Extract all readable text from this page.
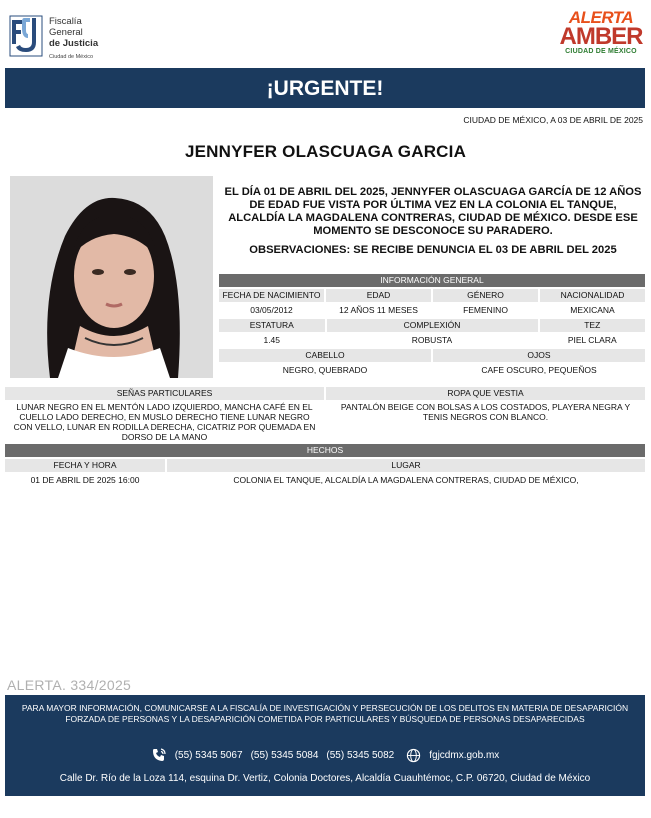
Fiscalía
General
de Justicia
Ciudad de México
ALERTA
AMBER
CIUDAD DE MÉXICO
¡URGENTE!
CIUDAD DE MÉXICO, A 03 DE ABRIL DE 2025
JENNYFER OLASCUAGA GARCIA
EL DÍA 01 DE ABRIL DEL 2025, JENNYFER OLASCUAGA GARCÍA DE 12 AÑOS DE EDAD FUE VISTA POR ÚLTIMA VEZ EN LA COLONIA EL TANQUE, ALCALDÍA LA MAGDALENA CONTRERAS, CIUDAD DE MÉXICO. DESDE ESE MOMENTO SE DESCONOCE SU PARADERO.
OBSERVACIONES: SE RECIBE DENUNCIA EL 03 DE ABRIL DEL 2025
INFORMACIÓN GENERAL
FECHA DE NACIMIENTO	EDAD	GÉNERO	NACIONALIDAD
03/05/2012	12 AÑOS 11 MESES	FEMENINO	MEXICANA
ESTATURA	COMPLEXIÓN	TEZ
1.45	ROBUSTA	PIEL CLARA
CABELLO	OJOS
NEGRO, QUEBRADO	CAFE OSCURO, PEQUEÑOS
SEÑAS PARTICULARES	ROPA QUE VESTIA
LUNAR NEGRO EN EL MENTÓN LADO IZQUIERDO, MANCHA CAFÉ EN EL CUELLO LADO DERECHO, EN MUSLO DERECHO TIENE LUNAR NEGRO CON VELLO, LUNAR EN RODILLA DERECHA, CICATRIZ POR QUEMADA EN DORSO DE LA MANO
PANTALÓN BEIGE CON BOLSAS A LOS COSTADOS, PLAYERA NEGRA Y TENIS NEGROS CON BLANCO.
HECHOS
FECHA Y HORA	LUGAR
01 DE ABRIL DE 2025 16:00	COLONIA EL TANQUE, ALCALDÍA LA MAGDALENA CONTRERAS, CIUDAD DE MÉXICO,
ALERTA. 334/2025
PARA MAYOR INFORMACIÓN, COMUNICARSE A LA FISCALÍA DE INVESTIGACIÓN Y PERSECUCIÓN DE LOS DELITOS EN MATERIA DE DESAPARICIÓN FORZADA DE PERSONAS Y LA DESAPARICIÓN COMETIDA POR PARTICULARES Y BÚSQUEDA DE PERSONAS DESAPARECIDAS
(55) 5345 5067 (55) 5345 5084 (55) 5345 5082	fgjcdmx.gob.mx
Calle Dr. Río de la Loza 114, esquina Dr. Vertiz, Colonia Doctores, Alcaldía Cuauhtémoc, C.P. 06720, Ciudad de México
